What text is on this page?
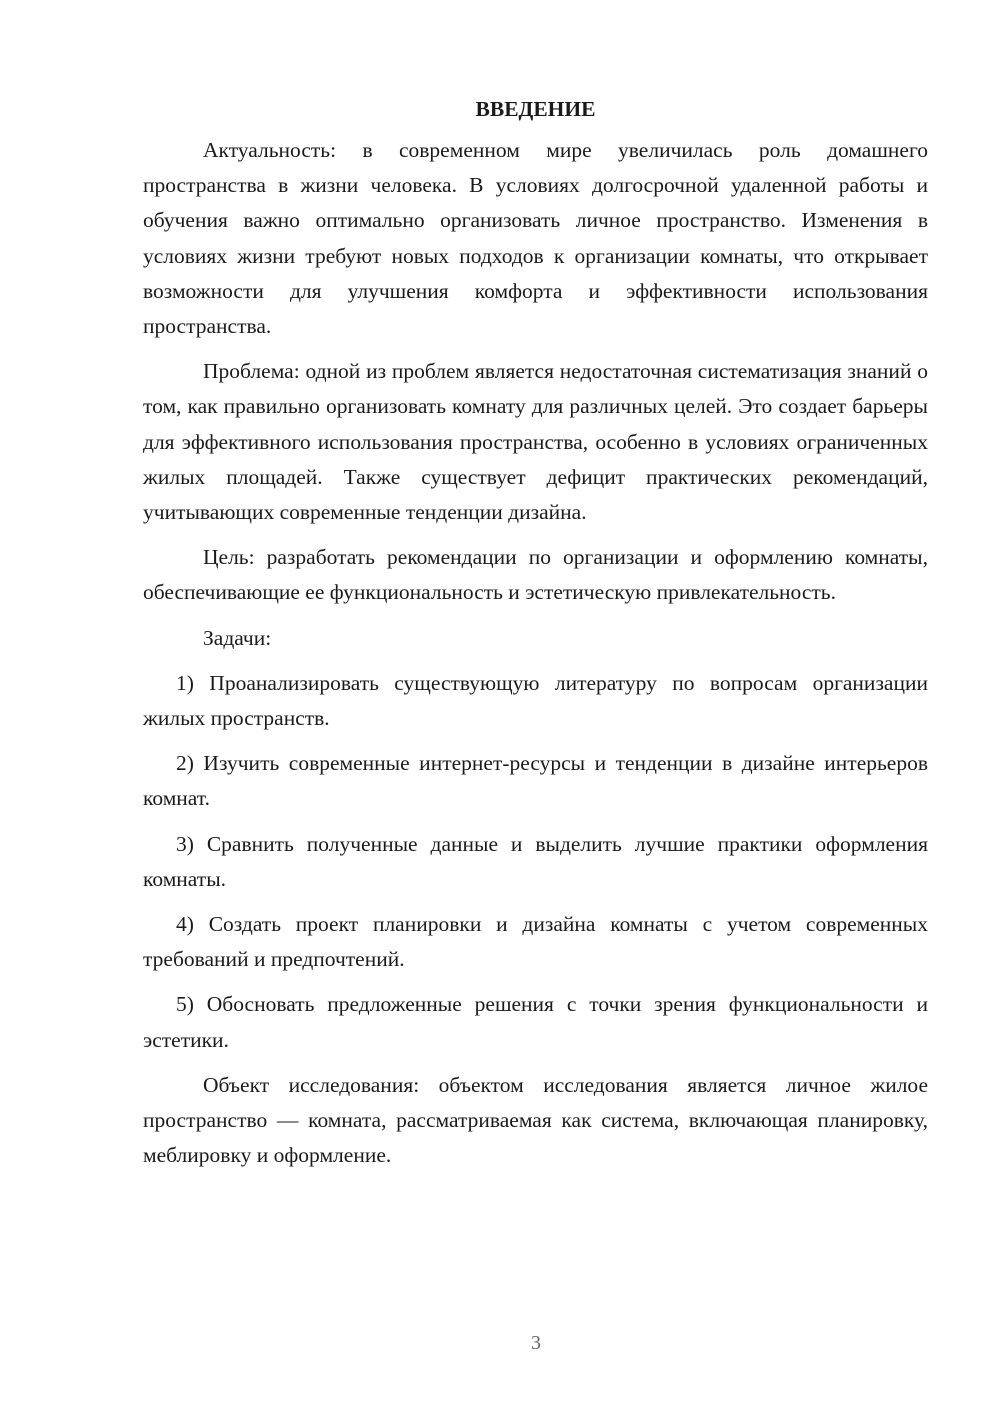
ВВЕДЕНИЕ

Актуальность: в современном мире увеличилась роль домашнего пространства в жизни человека. В условиях долгосрочной удаленной работы и обучения важно оптимально организовать личное пространство. Изменения в условиях жизни требуют новых подходов к организации комнаты, что открывает возможности для улучшения комфорта и эффективности использования пространства.

Проблема: одной из проблем является недостаточная систематизация знаний о том, как правильно организовать комнату для различных целей. Это создает барьеры для эффективного использования пространства, особенно в условиях ограниченных жилых площадей. Также существует дефицит практических рекомендаций, учитывающих современные тенденции дизайна.

Цель: разработать рекомендации по организации и оформлению комнаты, обеспечивающие ее функциональность и эстетическую привлекательность.

Задачи:

1) Проанализировать существующую литературу по вопросам организации жилых пространств.

2) Изучить современные интернет-ресурсы и тенденции в дизайне интерьеров комнат.

3) Сравнить полученные данные и выделить лучшие практики оформления комнаты.

4) Создать проект планировки и дизайна комнаты с учетом современных требований и предпочтений.

5) Обосновать предложенные решения с точки зрения функциональности и эстетики.

Объект исследования: объектом исследования является личное жилое пространство — комната, рассматриваемая как система, включающая планировку, меблировку и оформление.

3
